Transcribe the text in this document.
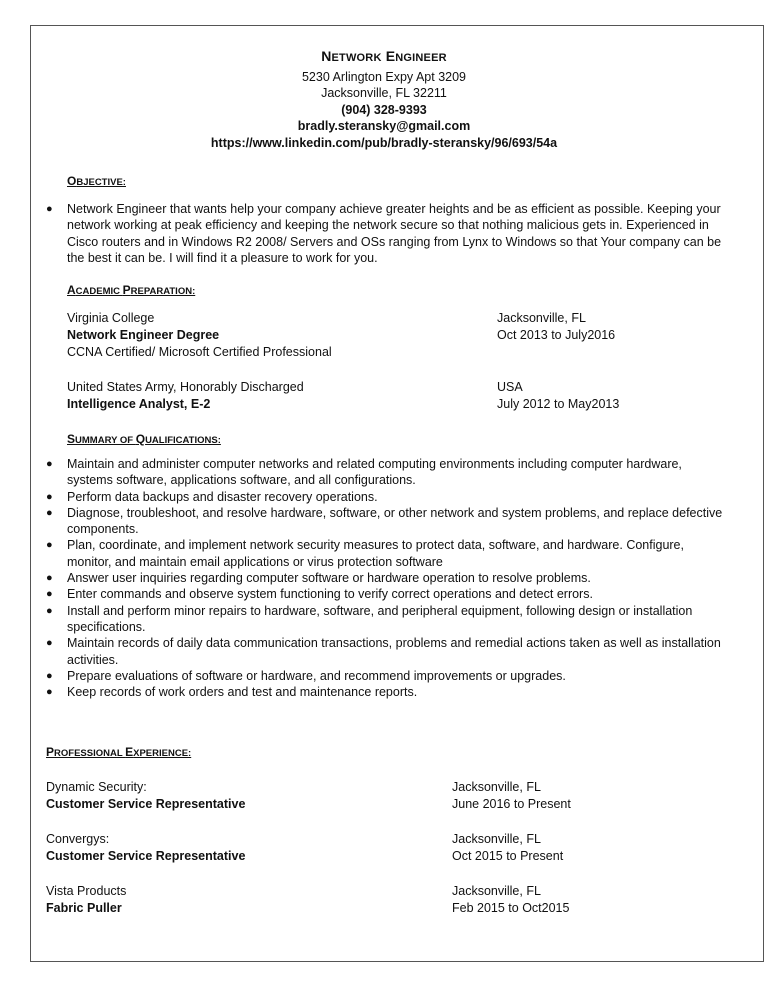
NETWORK ENGINEER
5230 Arlington Expy Apt 3209
Jacksonville, FL 32211
(904) 328-9393
bradly.steransky@gmail.com
https://www.linkedin.com/pub/bradly-steransky/96/693/54a
OBJECTIVE:
● Network Engineer that wants help your company achieve greater heights and be as efficient as possible. Keeping your
network working at peak efficiency and keeping the network secure so that nothing malicious gets in. Experienced in
Cisco routers and in Windows R2 2008/ Servers and OSs ranging from Lynx to Windows so that Your company can be
the best it can be. I will find it a pleasure to work for you.
ACADEMIC PREPARATION:
Virginia College	Jacksonville, FL
Network Engineer Degree	Oct 2013 to July2016
CCNA Certified/ Microsoft Certified Professional
United States Army, Honorably Discharged	USA
Intelligence Analyst, E-2	July 2012 to May2013
SUMMARY OF QUALIFICATIONS:
● Maintain and administer computer networks and related computing environments including computer hardware,
systems software, applications software, and all configurations.
● Perform data backups and disaster recovery operations.
● Diagnose, troubleshoot, and resolve hardware, software, or other network and system problems, and replace defective
components.
● Plan, coordinate, and implement network security measures to protect data, software, and hardware. Configure,
monitor, and maintain email applications or virus protection software
● Answer user inquiries regarding computer software or hardware operation to resolve problems.
● Enter commands and observe system functioning to verify correct operations and detect errors.
● Install and perform minor repairs to hardware, software, and peripheral equipment, following design or installation
specifications.
● Maintain records of daily data communication transactions, problems and remedial actions taken as well as installation
activities.
● Prepare evaluations of software or hardware, and recommend improvements or upgrades.
● Keep records of work orders and test and maintenance reports.
PROFESSIONAL EXPERIENCE:
Dynamic Security:	Jacksonville, FL
Customer Service Representative	June 2016 to Present
Convergys:	Jacksonville, FL
Customer Service Representative	Oct 2015 to Present
Vista Products	Jacksonville, FL
Fabric Puller	Feb 2015 to Oct2015
